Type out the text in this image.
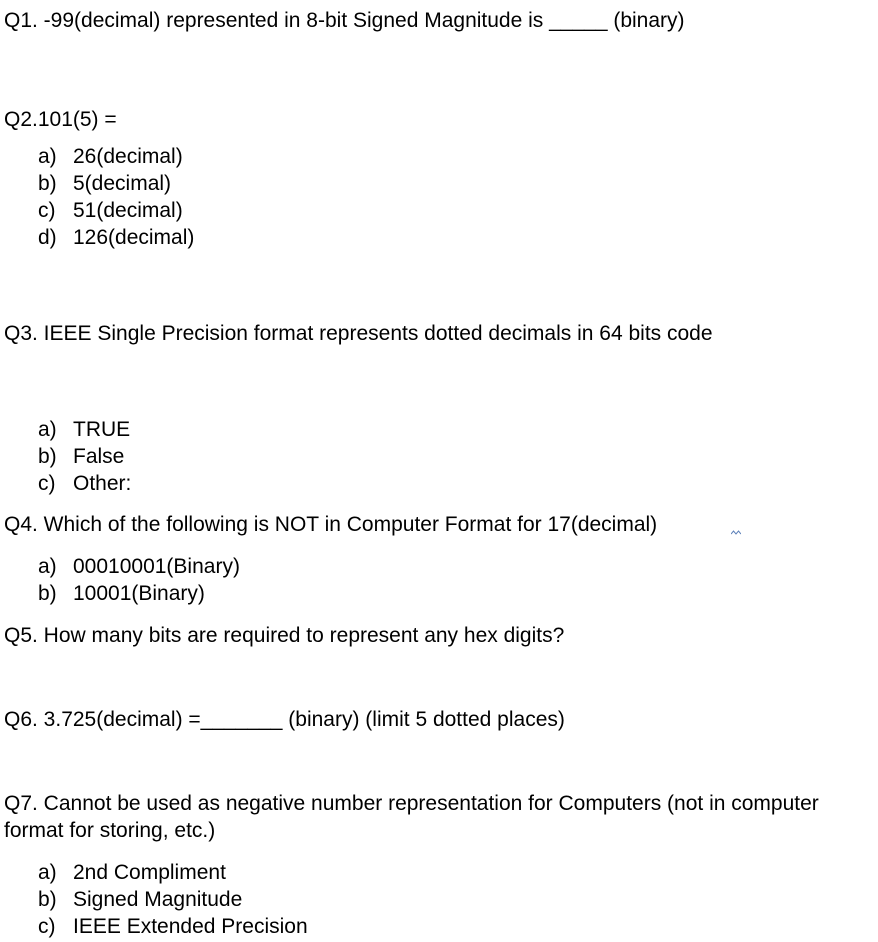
Q1. -99(decimal) represented in 8-bit Signed Magnitude is _____ (binary)
Q2.101(5) =
a) 26(decimal)
b) 5(decimal)
c) 51(decimal)
d) 126(decimal)
Q3. IEEE Single Precision format represents dotted decimals in 64 bits code
a) TRUE
b) False
c) Other:
Q4. Which of the following is NOT in Computer Format for 17(decimal)
a) 00010001(Binary)
b) 10001(Binary)
Q5. How many bits are required to represent any hex digits?
Q6. 3.725(decimal) =_______ (binary) (limit 5 dotted places)
Q7. Cannot be used as negative number representation for Computers (not in computer format for storing, etc.)
a) 2nd Compliment
b) Signed Magnitude
c) IEEE Extended Precision
